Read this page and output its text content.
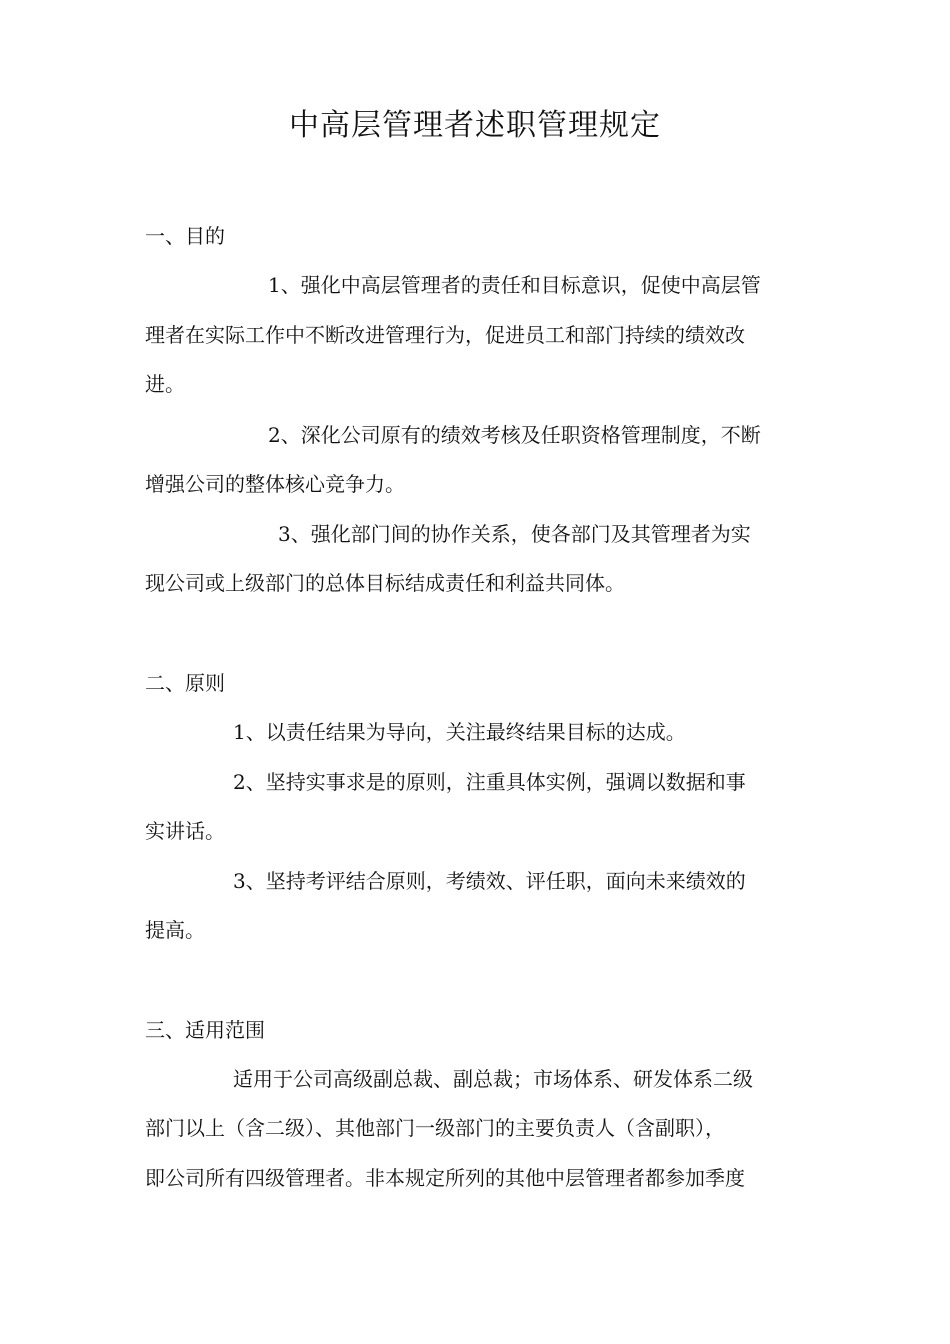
中高层管理者述职管理规定
一、目的
1、强化中高层管理者的责任和目标意识，促使中高层管
理者在实际工作中不断改进管理行为，促进员工和部门持续的绩效改
进。
2、深化公司原有的绩效考核及任职资格管理制度，不断
增强公司的整体核心竞争力。
3、强化部门间的协作关系，使各部门及其管理者为实
现公司或上级部门的总体目标结成责任和利益共同体。
二、原则
1、以责任结果为导向，关注最终结果目标的达成。
2、坚持实事求是的原则，注重具体实例，强调以数据和事
实讲话。
3、坚持考评结合原则，考绩效、评任职，面向未来绩效的
提高。
三、适用范围
适用于公司高级副总裁、副总裁；市场体系、研发体系二级
部门以上（含二级）、其他部门一级部门的主要负责人（含副职），
即公司所有四级管理者。非本规定所列的其他中层管理者都参加季度
